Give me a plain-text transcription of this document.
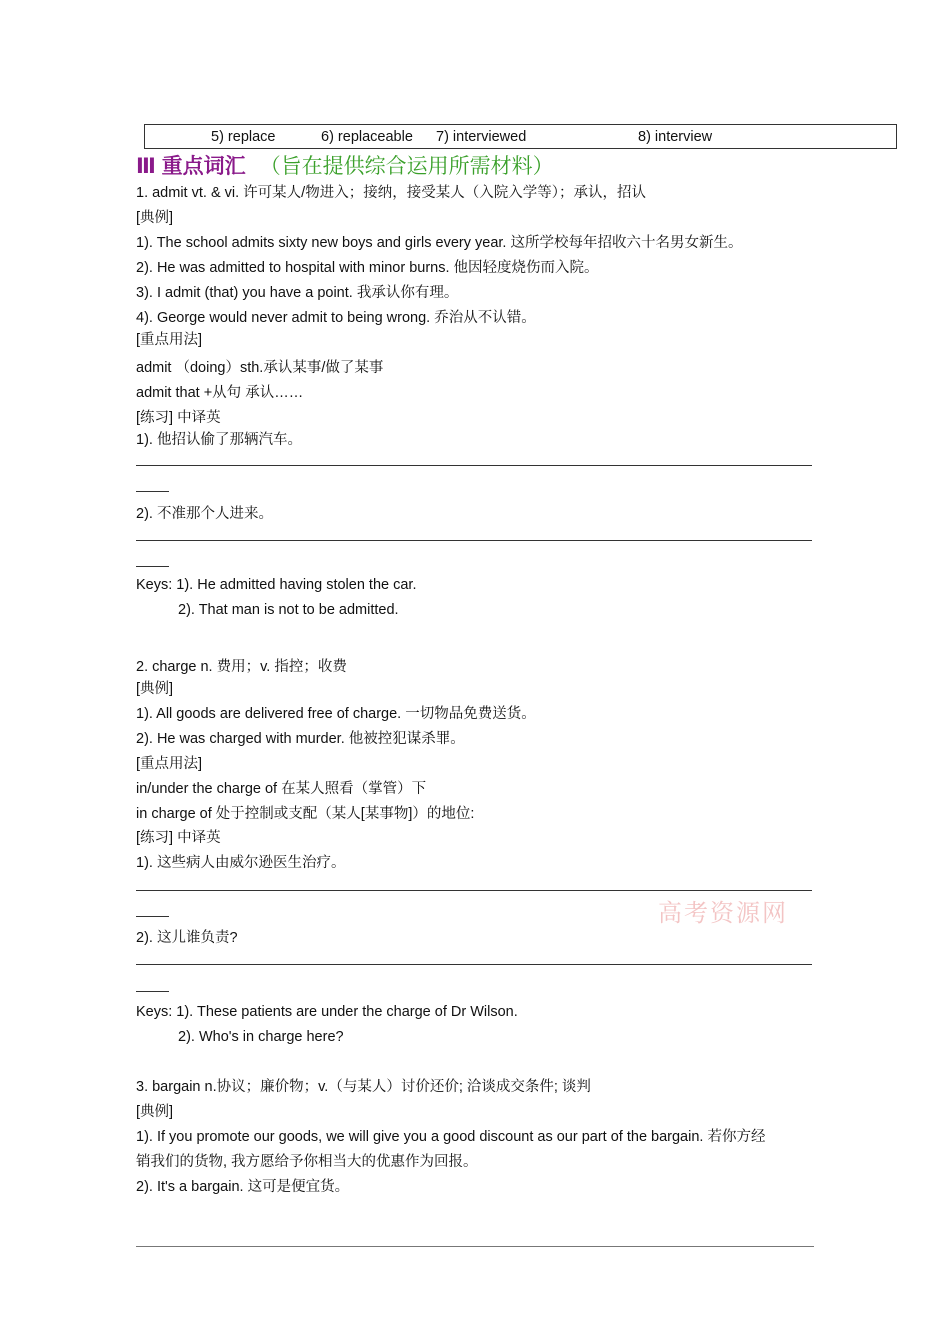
5) replace	6) replaceable 7) interviewed	8) interview
Ⅲ 重点词汇 （旨在提供综合运用所需材料）
1. admit vt. & vi. 许可某人/物进入；接纳，接受某人（入院入学等）；承认，招认
[典例]
1). The school admits sixty new boys and girls every year. 这所学校每年招收六十名男女新生。
2). He was admitted to hospital with minor burns. 他因轻度烧伤而入院。
3). I admit (that) you have a point. 我承认你有理。
4). George would never admit to being wrong. 乔治从不认错。
[重点用法]
admit （doing）sth.承认某事/做了某事
admit that +从句 承认……
[练习] 中译英
1). 他招认偷了那辆汽车。
2). 不准那个人进来。
Keys: 1). He admitted having stolen the car.
2). That man is not to be admitted.
2. charge n. 费用；v. 指控；收费
[典例]
1). All goods are delivered free of charge. 一切物品免费送货。
2). He was charged with murder. 他被控犯谋杀罪。
[重点用法]
in/under the charge of 在某人照看（掌管）下
in charge of 处于控制或支配（某人[某事物]）的地位:
[练习] 中译英
1). 这些病人由威尔逊医生治疗。
高考资源网
2). 这儿谁负责?
Keys: 1). These patients are under the charge of Dr Wilson.
2). Who's in charge here?
3. bargain n.协议；廉价物；v.（与某人）讨价还价; 洽谈成交条件; 谈判
[典例]
1). If you promote our goods, we will give you a good discount as our part of the bargain. 若你方经
销我们的货物, 我方愿给予你相当大的优惠作为回报。
2). It's a bargain. 这可是便宜货。
